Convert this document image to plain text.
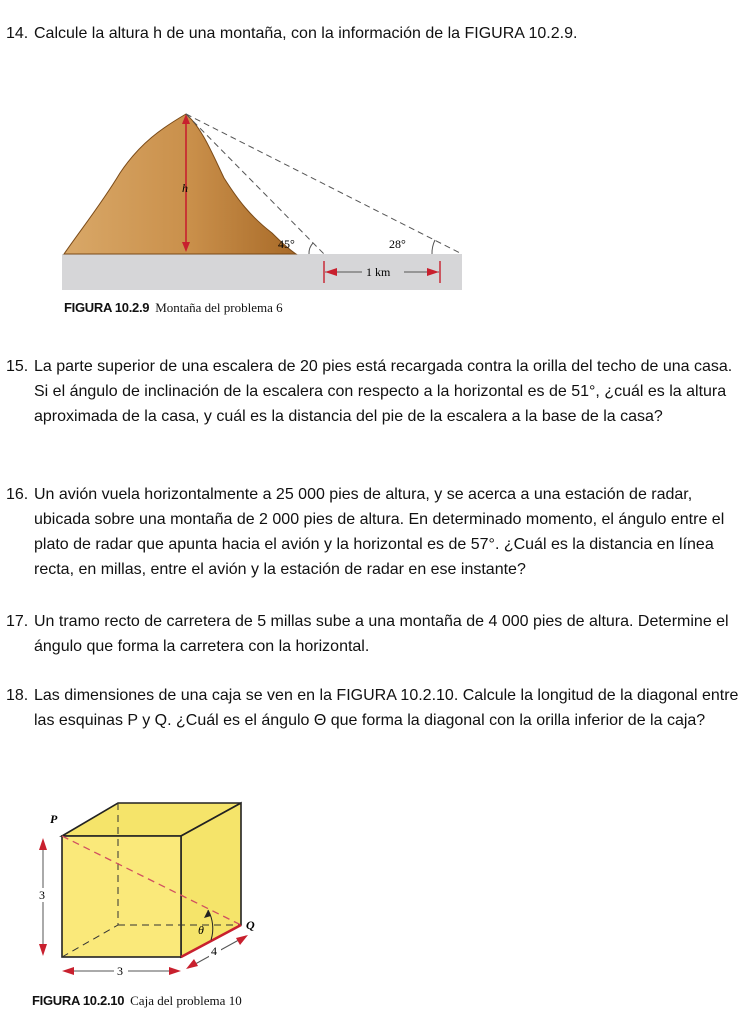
14. Calcule la altura h de una montaña, con la información de la FIGURA 10.2.9.
h
45°	28°
1 km
FIGURA 10.2.9 Montaña del problema 6
15. La parte superior de una escalera de 20 pies está recargada contra la orilla del techo de una casa. Si el ángulo de inclinación de la escalera con respecto a la horizontal es de 51°, ¿cuál es la altura aproximada de la casa, y cuál es la distancia del pie de la escalera a la base de la casa?
16. Un avión vuela horizontalmente a 25 000 pies de altura, y se acerca a una estación de radar, ubicada sobre una montaña de 2 000 pies de altura. En determinado momento, el ángulo entre el plato de radar que apunta hacia el avión y la horizontal es de 57°. ¿Cuál es la distancia en línea recta, en millas, entre el avión y la estación de radar en ese instante?
17. Un tramo recto de carretera de 5 millas sube a una montaña de 4 000 pies de altura. Determine el ángulo que forma la carretera con la horizontal.
18. Las dimensiones de una caja se ven en la FIGURA 10.2.10. Calcule la longitud de la diagonal entre las esquinas P y Q. ¿Cuál es el ángulo Θ que forma la diagonal con la orilla inferior de la caja?
θ
P
Q
3
3
4
FIGURA 10.2.10 Caja del problema 10
